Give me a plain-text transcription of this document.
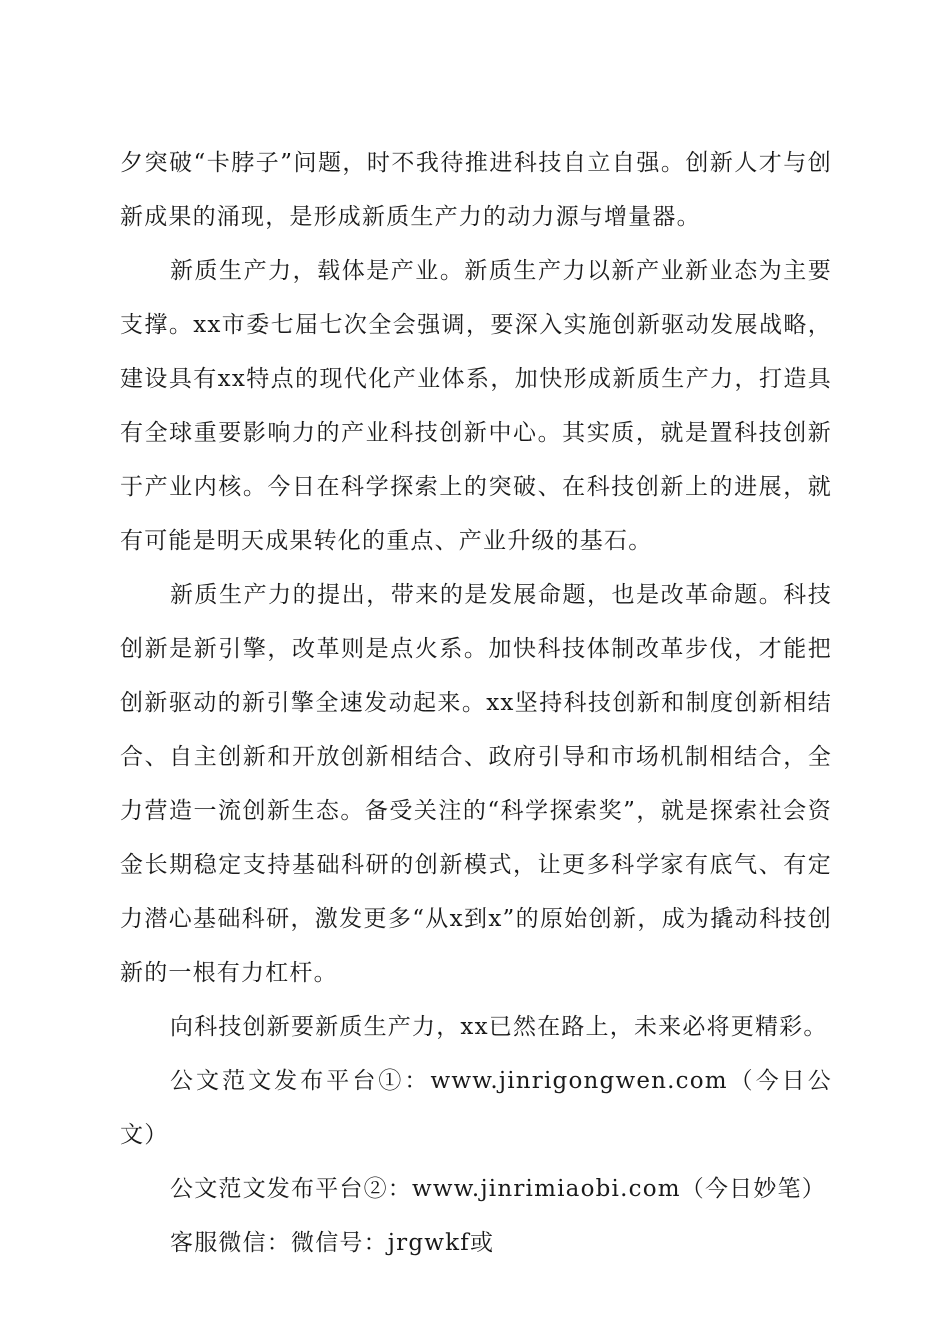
夕突破“卡脖子”问题，时不我待推进科技自立自强。创新人才与创新成果的涌现，是形成新质生产力的动力源与增量器。

新质生产力，载体是产业。新质生产力以新产业新业态为主要支撑。xx市委七届七次全会强调，要深入实施创新驱动发展战略，建设具有xx特点的现代化产业体系，加快形成新质生产力，打造具有全球重要影响力的产业科技创新中心。其实质，就是置科技创新于产业内核。今日在科学探索上的突破、在科技创新上的进展，就有可能是明天成果转化的重点、产业升级的基石。

新质生产力的提出，带来的是发展命题，也是改革命题。科技创新是新引擎，改革则是点火系。加快科技体制改革步伐，才能把创新驱动的新引擎全速发动起来。xx坚持科技创新和制度创新相结合、自主创新和开放创新相结合、政府引导和市场机制相结合，全力营造一流创新生态。备受关注的“科学探索奖”，就是探索社会资金长期稳定支持基础科研的创新模式，让更多科学家有底气、有定力潜心基础科研，激发更多“从x到x”的原始创新，成为撬动科技创新的一根有力杠杆。

向科技创新要新质生产力，xx已然在路上，未来必将更精彩。

公文范文发布平台①：www.jinrigongwen.com（今日公文）

公文范文发布平台②：www.jinrimiaobi.com（今日妙笔）

客服微信：微信号：jrgwkf或
